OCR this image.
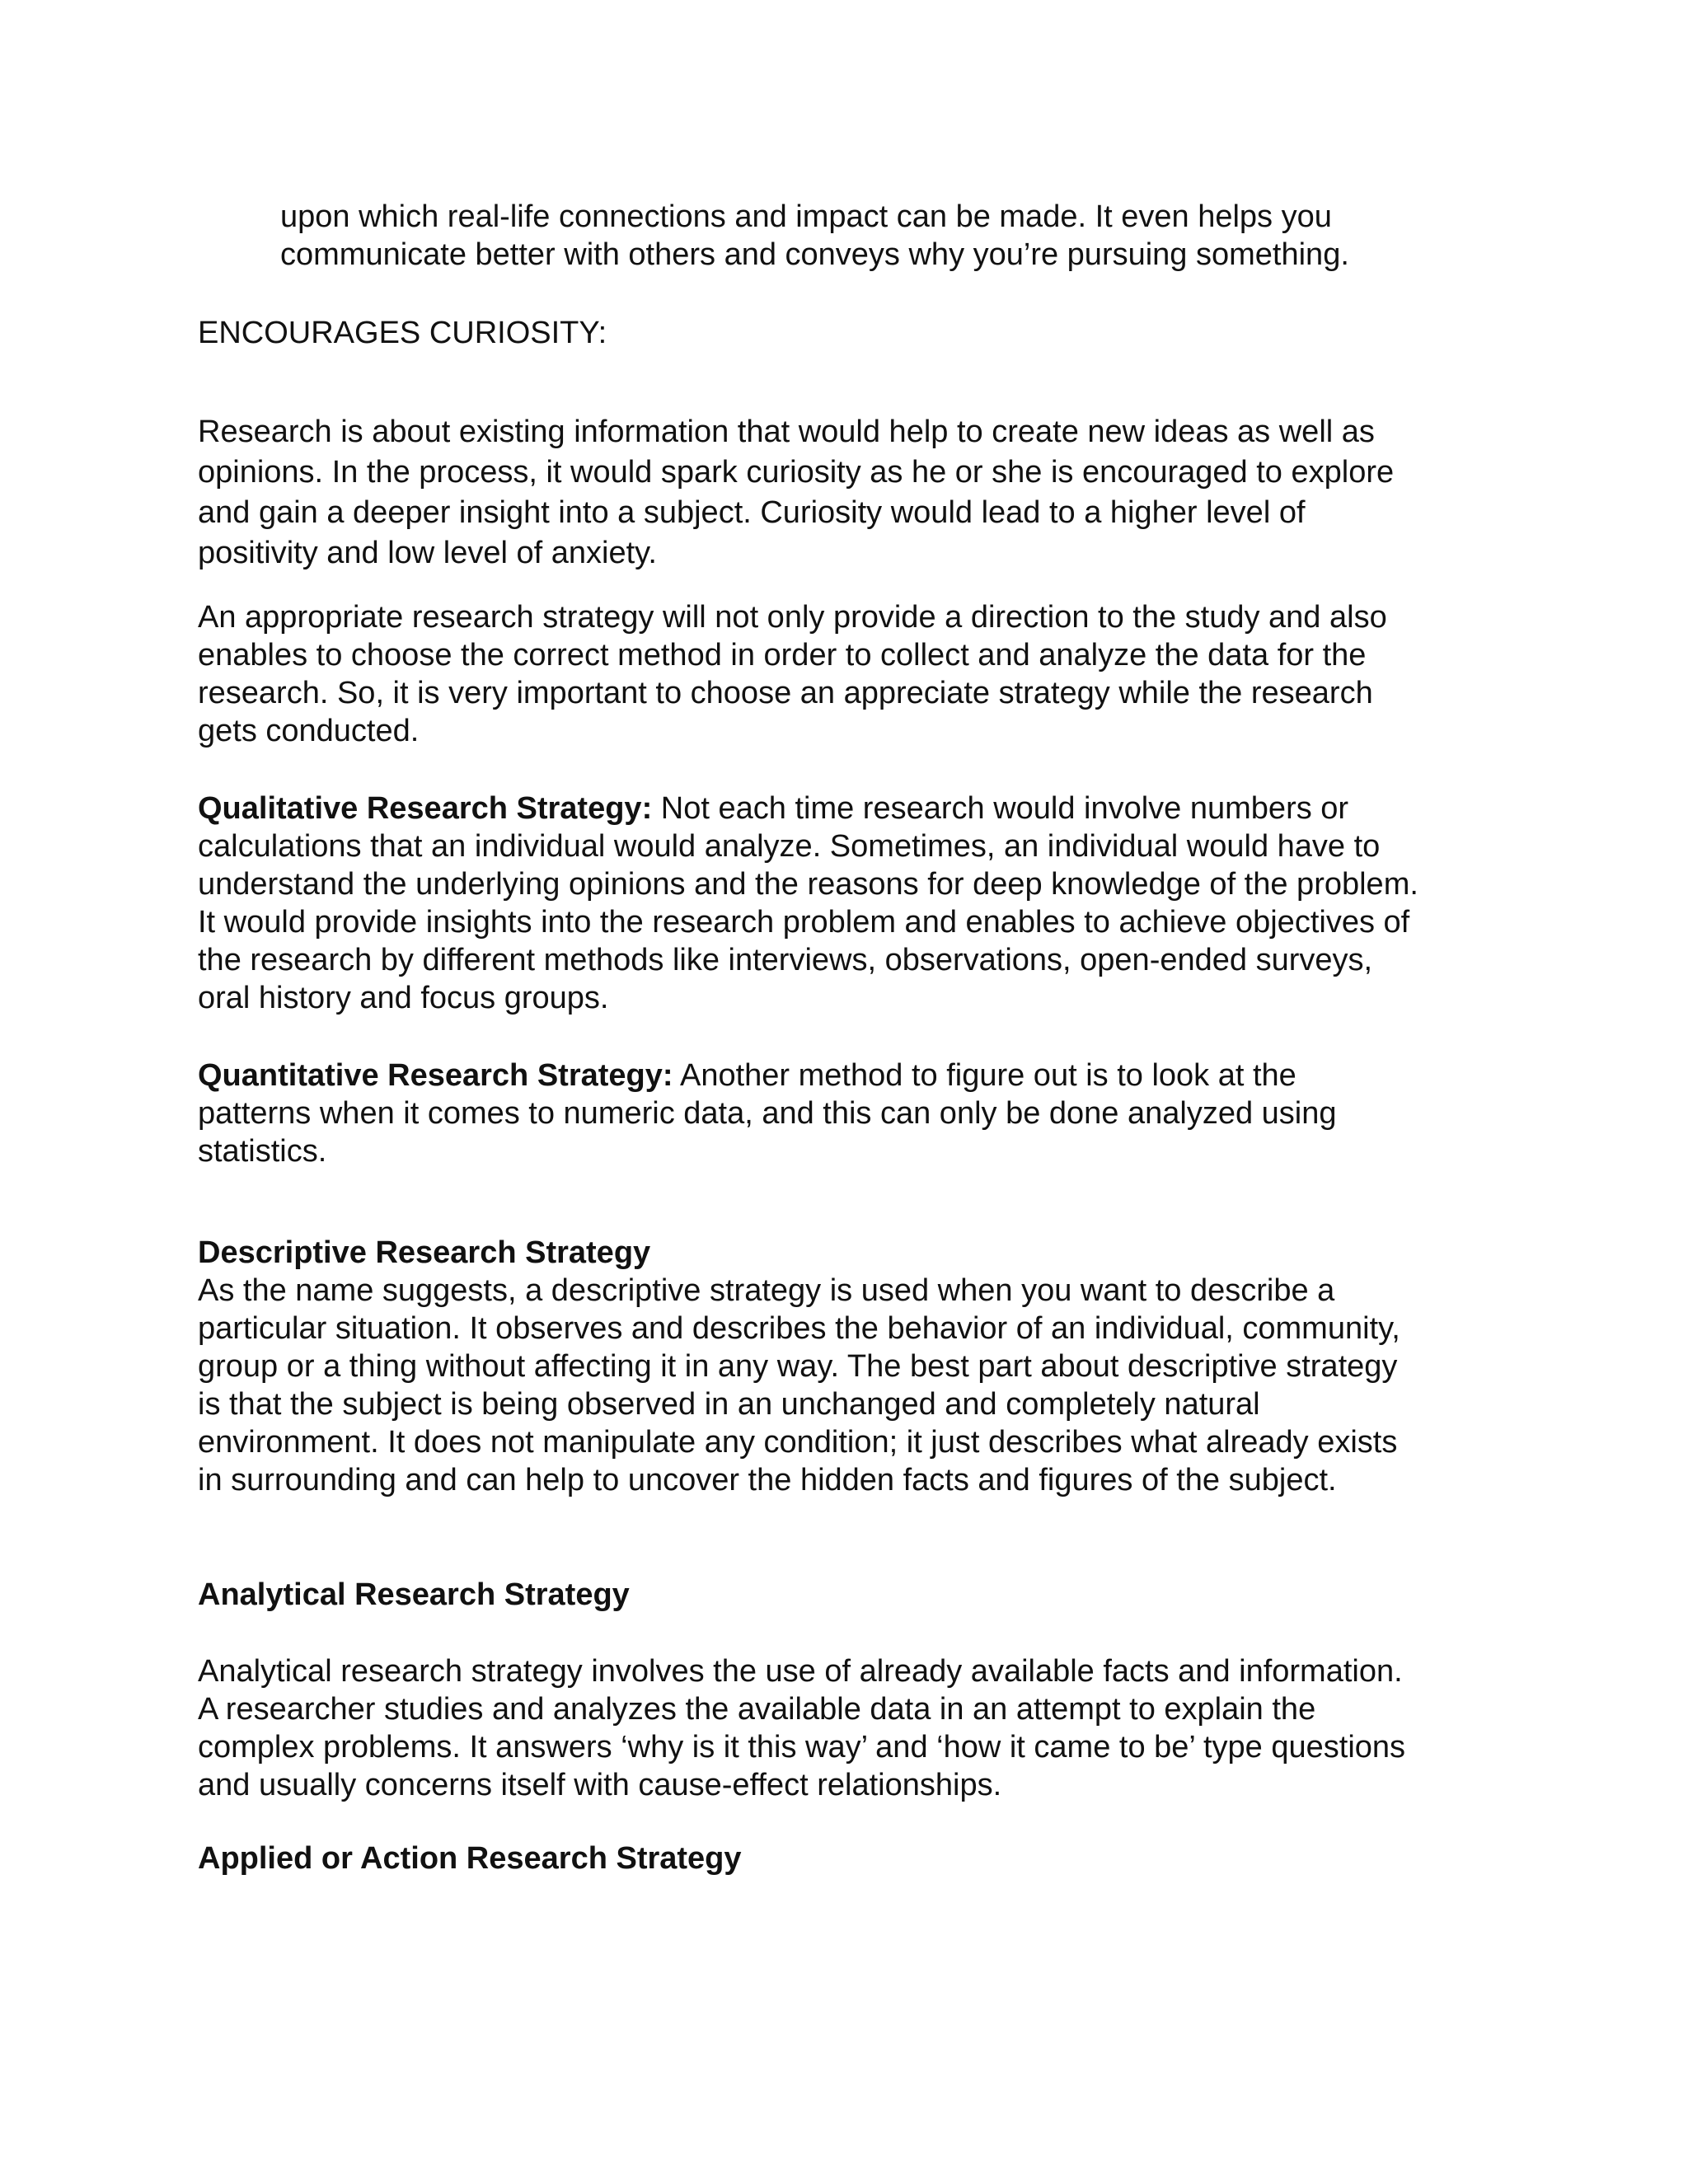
upon which real-life connections and impact can be made. It even helps you
communicate better with others and conveys why you’re pursuing something.
ENCOURAGES CURIOSITY:
Research is about existing information that would help to create new ideas as well as
opinions. In the process, it would spark curiosity as he or she is encouraged to explore
and gain a deeper insight into a subject. Curiosity would lead to a higher level of
positivity and low level of anxiety.
An appropriate research strategy will not only provide a direction to the study and also
enables to choose the correct method in order to collect and analyze the data for the
research. So, it is very important to choose an appreciate strategy while the research
gets conducted.
Qualitative Research Strategy: Not each time research would involve numbers or
calculations that an individual would analyze. Sometimes, an individual would have to
understand the underlying opinions and the reasons for deep knowledge of the problem.
It would provide insights into the research problem and enables to achieve objectives of
the research by different methods like interviews, observations, open-ended surveys,
oral history and focus groups.
Quantitative Research Strategy: Another method to figure out is to look at the
patterns when it comes to numeric data, and this can only be done analyzed using
statistics.
Descriptive Research Strategy
As the name suggests, a descriptive strategy is used when you want to describe a
particular situation. It observes and describes the behavior of an individual, community,
group or a thing without affecting it in any way. The best part about descriptive strategy
is that the subject is being observed in an unchanged and completely natural
environment. It does not manipulate any condition; it just describes what already exists
in surrounding and can help to uncover the hidden facts and figures of the subject.
Analytical Research Strategy
Analytical research strategy involves the use of already available facts and information.
A researcher studies and analyzes the available data in an attempt to explain the
complex problems. It answers ‘why is it this way’ and ‘how it came to be’ type questions
and usually concerns itself with cause-effect relationships.
Applied or Action Research Strategy
